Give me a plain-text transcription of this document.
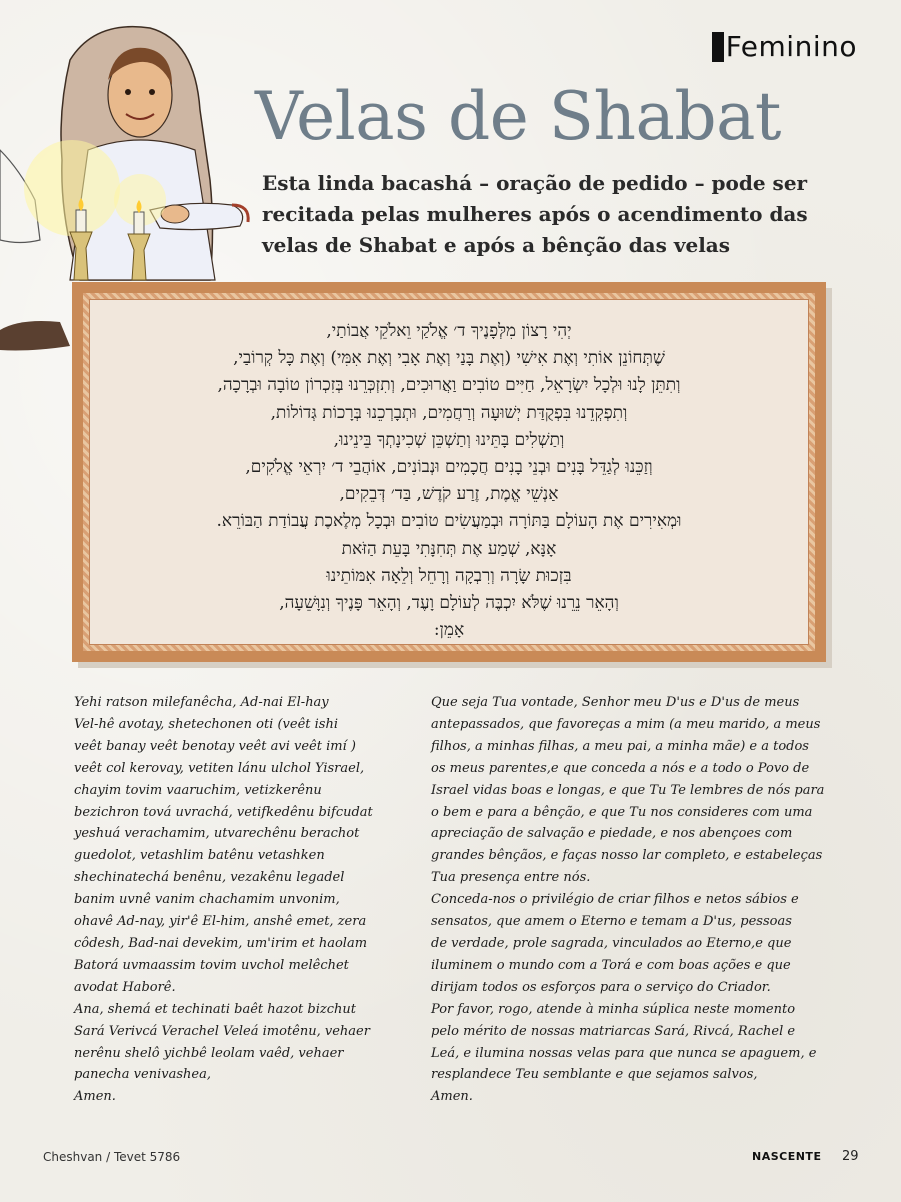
Feminino
Velas de Shabat
Esta linda bacashá – oração de pedido – pode ser
recitada pelas mulheres após o acendimento das
velas de Shabat e após a bênção das velas
יְהִי רָצוֹן מִלְּפָנֶיךָ ד׳ אֱלֹקַי וֵאלֹקֵי אֲבוֹתַי,
שֶׁתְּחוֹנֵן אוֹתִי וְאֶת אִישִׁי (וְאֶת בָּנַי וְאֶת אָבִי וְאֶת אִמִּי) וְאֶת כָּל קְרוֹבַי,
וְתִתֵּן לָנוּ וּלְכָל יִשְׂרָאֵל, חַיִּים טוֹבִים וַאֲרוּכִים, וְתִזְכְּרֵנוּ בְּזִכְרוֹן טוֹבָה וּבְרָכָה,
וְתִפְקְדֵנוּ בִּפְקֻדַּת יְשׁוּעָה וְרַחֲמִים, וּתְבָרְכֵנוּ בְּרָכוֹת גְּדוֹלוֹת,
וְתַשְׁלִים בָּתֵּינוּ וְתַשְׁכֵּן שְׁכִינָתְךָ בֵּינֵינוּ,
וְזַכֵּנוּ לְגַדֵּל בָּנִים וּבְנֵי בָנִים חֲכָמִים וּנְבוֹנִים, אוֹהֲבֵי ד׳ יִרְאֵי אֱלֹקִים,
אַנְשֵׁי אֱמֶת, זֶרַע קֹדֶשׁ, בַּד׳ דְּבֵקִים,
וּמְאִירִים אֶת הָעוֹלָם בַּתּוֹרָה וּבְמַעֲשִׂים טוֹבִים וּבְכָל מְלֶאכֶת עֲבוֹדַת הַבּוֹרֵא.
אָנָּא, שְׁמַע אֶת תְּחִנָּתִי בָּעֵת הַזֹּאת
בִּזְכוּת שָׂרָה וְרִבְקָה וְרָחֵל וְלֵאָה אִמּוֹתֵינוּ
וְהָאֵר נֵרֵנוּ שֶׁלֹּא יִכְבֶּה לְעוֹלָם וָעֶד, וְהָאֵר פָּנֶיךָ וְנִוָּשֵׁעָה,
אָמֵן:
Yehi ratson milefanêcha, Ad-nai El-hay
Vel-hê avotay, shetechonen oti (veêt ishi
veêt banay veêt benotay veêt avi veêt imí )
veêt col kerovay, vetiten lánu ulchol Yisrael,
chayim tovim vaaruchim, vetizkerênu
bezichron tová uvrachá, vetifkedênu bifcudat
yeshuá verachamim, utvarechênu berachot
guedolot, vetashlim batênu vetashken
shechinatechá benênu, vezakênu legadel
banim uvnê vanim chachamim unvonim,
ohavê Ad-nay, yir'ê El-him, anshê emet, zera
côdesh, Bad-nai devekim, um'irim et haolam
Batorá uvmaassim tovim uvchol melêchet
avodat Haborê.
Ana, shemá et techinati baêt hazot bizchut
Sará Verivcá Verachel Veleá imotênu, vehaer
nerênu shelô yichbê leolam vaêd, vehaer
panecha venivashea,
Amen.
Que seja Tua vontade, Senhor meu D'us e D'us de meus
antepassados, que favoreças a mim (a meu marido, a meus
filhos, a minhas filhas, a meu pai, a minha mãe) e a todos
os meus parentes,e que conceda a nós e a todo o Povo de
Israel vidas boas e longas, e que Tu Te lembres de nós para
o bem e para a bênção, e que Tu nos consideres com uma
apreciação de salvação e piedade, e nos abençoes com
grandes bênçãos, e faças nosso lar completo, e estabeleças
Tua presença entre nós.
Conceda-nos o privilégio de criar filhos e netos sábios e
sensatos, que amem o Eterno e temam a D'us, pessoas
de verdade, prole sagrada, vinculados ao Eterno,e que
iluminem o mundo com a Torá e com boas ações e que
dirijam todos os esforços para o serviço do Criador.
Por favor, rogo, atende à minha súplica neste momento
pelo mérito de nossas matriarcas Sará, Rivcá, Rachel e
Leá, e ilumina nossas velas para que nunca se apaguem, e
resplandece Teu semblante e que sejamos salvos,
Amen.
Cheshvan / Tevet 5786	NASCENTE 29
